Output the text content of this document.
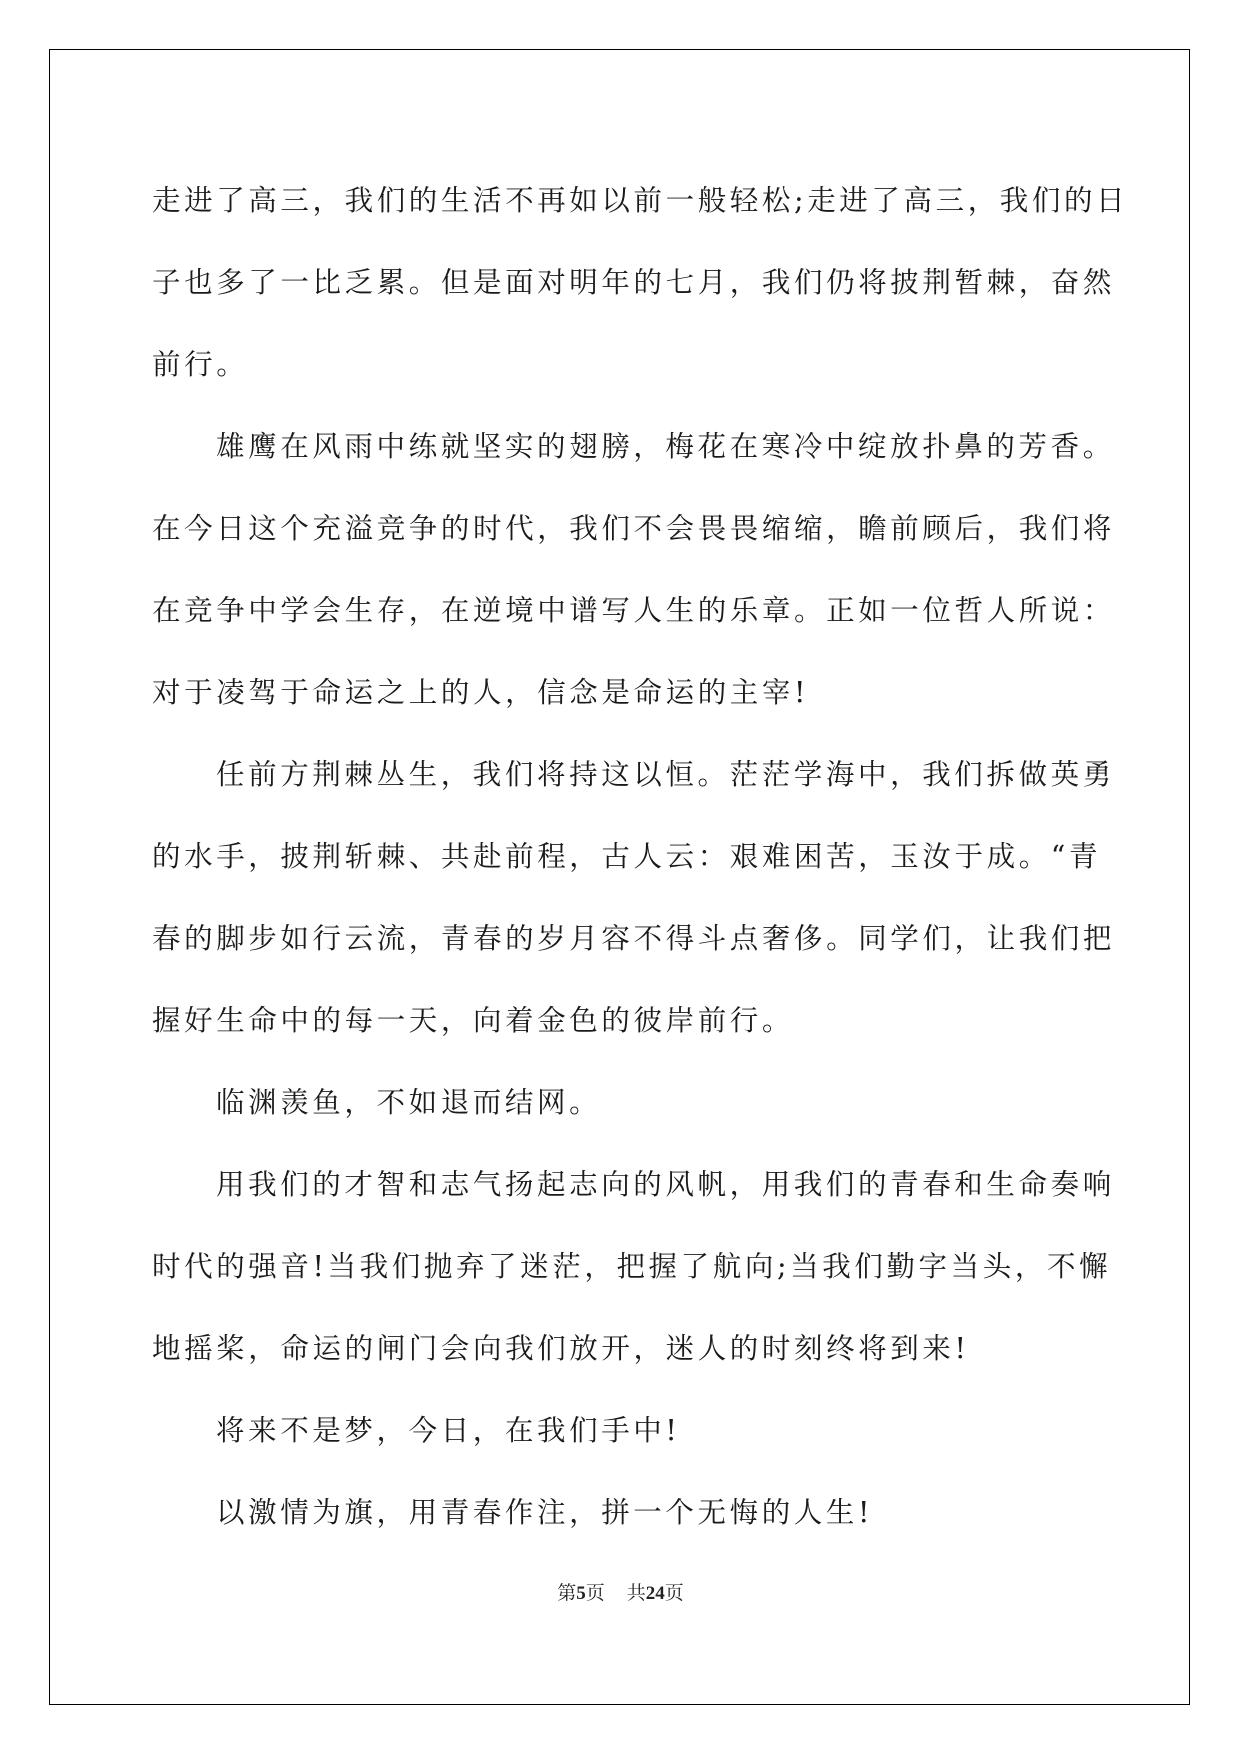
走进了高三，我们的生活不再如以前一般轻松;走进了高三，我们的日

子也多了一比乏累。但是面对明年的七月，我们仍将披荆暂棘，奋然

前行。

雄鹰在风雨中练就坚实的翅膀，梅花在寒冷中绽放扑鼻的芳香。

在今日这个充溢竞争的时代，我们不会畏畏缩缩，瞻前顾后，我们将

在竞争中学会生存，在逆境中谱写人生的乐章。正如一位哲人所说：

对于凌驾于命运之上的人，信念是命运的主宰!

任前方荆棘丛生，我们将持这以恒。茫茫学海中，我们拆做英勇

的水手，披荆斩棘、共赴前程，古人云：艰难困苦，玉汝于成。“青

春的脚步如行云流，青春的岁月容不得斗点奢侈。同学们，让我们把

握好生命中的每一天，向着金色的彼岸前行。

临渊羡鱼，不如退而结网。

用我们的才智和志气扬起志向的风帆，用我们的青春和生命奏响

时代的强音!当我们抛弃了迷茫，把握了航向;当我们勤字当头，不懈

地摇桨，命运的闸门会向我们放开，迷人的时刻终将到来!

将来不是梦，今日，在我们手中!

以激情为旗，用青春作注，拼一个无悔的人生!

第5页 共24页
